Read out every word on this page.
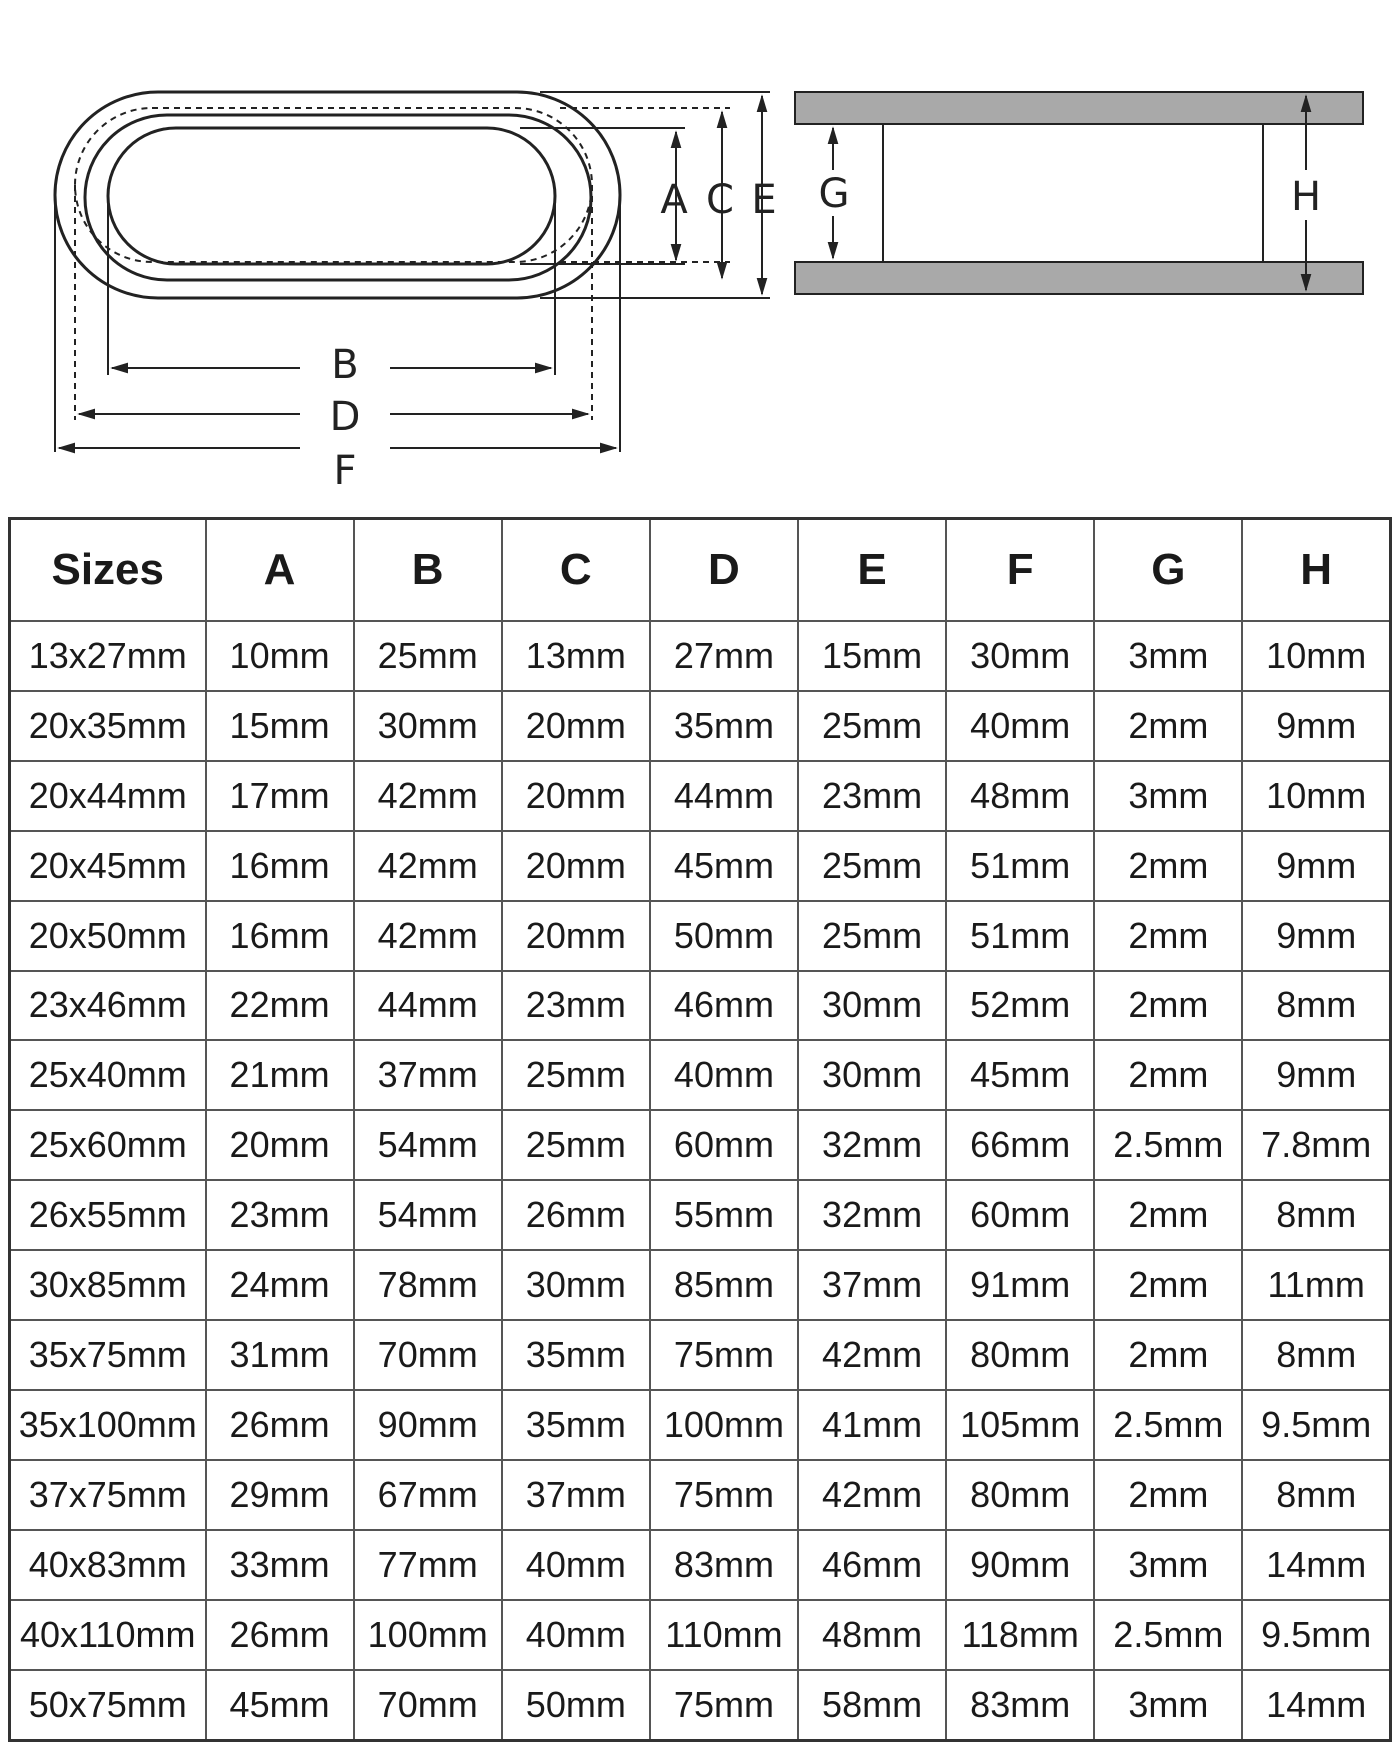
A C E
B
D
F
G	H
Sizes	A	B	C	D	E	F	G	H
13x27mm	10mm	25mm	13mm	27mm	15mm	30mm	3mm	10mm
20x35mm	15mm	30mm	20mm	35mm	25mm	40mm	2mm	9mm
20x44mm	17mm	42mm	20mm	44mm	23mm	48mm	3mm	10mm
20x45mm	16mm	42mm	20mm	45mm	25mm	51mm	2mm	9mm
20x50mm	16mm	42mm	20mm	50mm	25mm	51mm	2mm	9mm
23x46mm	22mm	44mm	23mm	46mm	30mm	52mm	2mm	8mm
25x40mm	21mm	37mm	25mm	40mm	30mm	45mm	2mm	9mm
25x60mm	20mm	54mm	25mm	60mm	32mm	66mm	2.5mm	7.8mm
26x55mm	23mm	54mm	26mm	55mm	32mm	60mm	2mm	8mm
30x85mm	24mm	78mm	30mm	85mm	37mm	91mm	2mm	11mm
35x75mm	31mm	70mm	35mm	75mm	42mm	80mm	2mm	8mm
35x100mm	26mm	90mm	35mm	100mm	41mm	105mm	2.5mm	9.5mm
37x75mm	29mm	67mm	37mm	75mm	42mm	80mm	2mm	8mm
40x83mm	33mm	77mm	40mm	83mm	46mm	90mm	3mm	14mm
40x110mm	26mm	100mm	40mm	110mm	48mm	118mm	2.5mm	9.5mm
50x75mm	45mm	70mm	50mm	75mm	58mm	83mm	3mm	14mm
